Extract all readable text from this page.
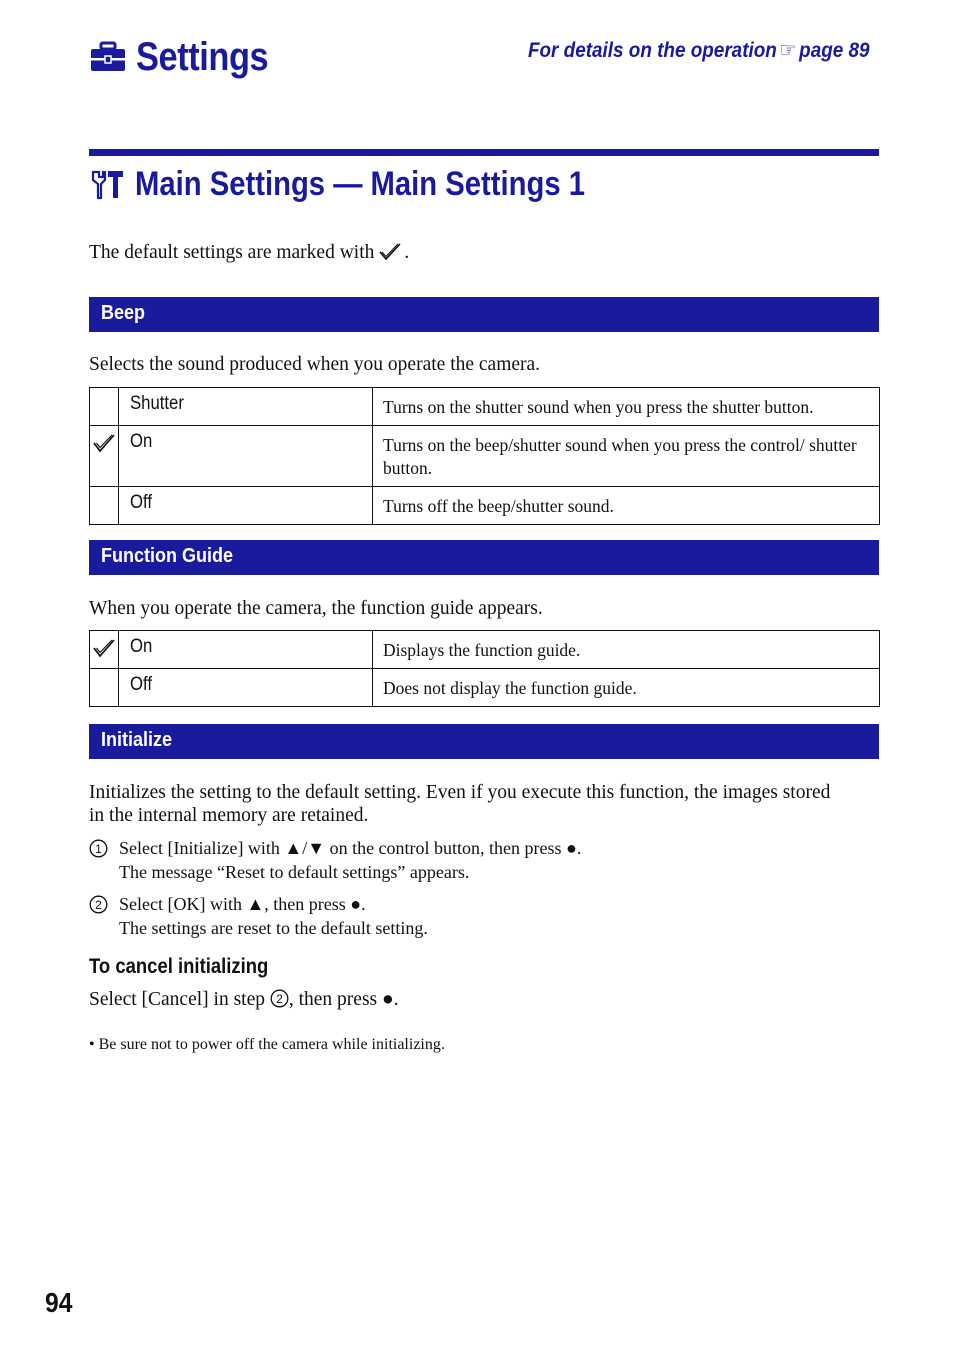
Settings	For details on the operation ☞ page 89
Main Settings — Main Settings 1
The default settings are marked with .
Beep
Selects the sound produced when you operate the camera.
	Shutter	Turns on the shutter sound when you press the shutter button.
	On	Turns on the beep/shutter sound when you press the control/ shutter button.
	Off	Turns off the beep/shutter sound.
Function Guide
When you operate the camera, the function guide appears.
	On	Displays the function guide.
	Off	Does not display the function guide.
Initialize
Initializes the setting to the default setting. Even if you execute this function, the images stored in the internal memory are retained.
1 Select [Initialize] with ▲/▼ on the control button, then press ●.
The message “Reset to default settings” appears.
2 Select [OK] with ▲, then press ●.
The settings are reset to the default setting.
To cancel initializing
Select [Cancel] in step 2 , then press ●.
• Be sure not to power off the camera while initializing.
94
